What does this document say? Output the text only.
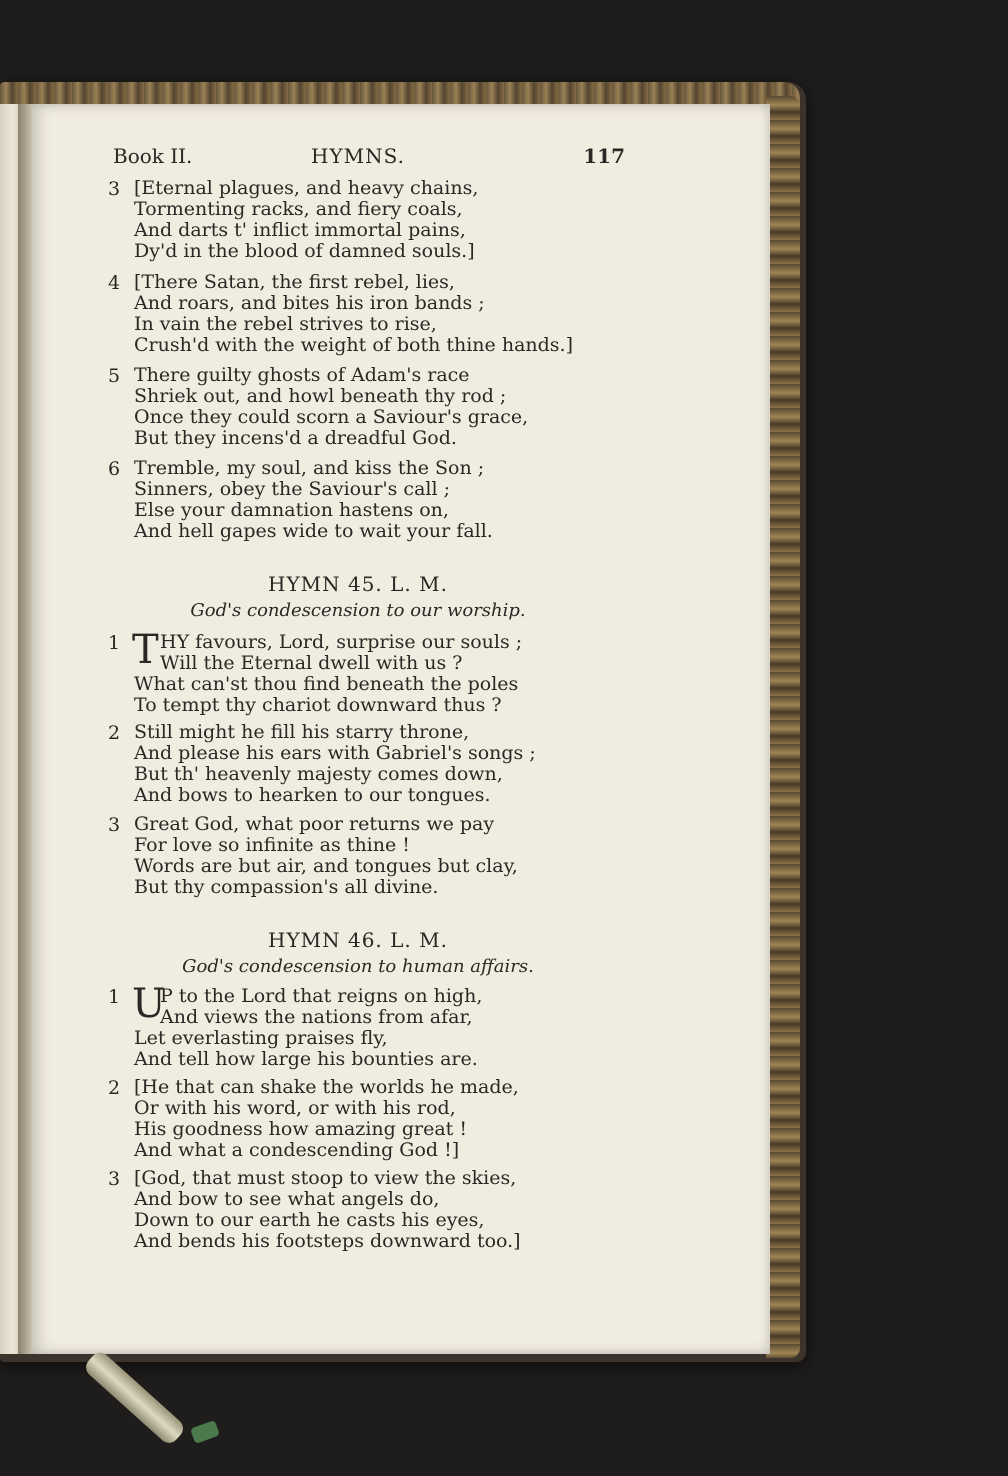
Book II.	HYMNS.	117
3 [Eternal plagues, and heavy chains,
Tormenting racks, and fiery coals,
And darts t' inflict immortal pains,
Dy'd in the blood of damned souls.]
4 [There Satan, the first rebel, lies,
And roars, and bites his iron bands ;
In vain the rebel strives to rise,
Crush'd with the weight of both thine hands.]
5 There guilty ghosts of Adam's race
Shriek out, and howl beneath thy rod ;
Once they could scorn a Saviour's grace,
But they incens'd a dreadful God.
6 Tremble, my soul, and kiss the Son ;
Sinners, obey the Saviour's call ;
Else your damnation hastens on,
And hell gapes wide to wait your fall.
HYMN 45. L. M.
God's condescension to our worship.
1 T HY favours, Lord, surprise our souls ;
Will the Eternal dwell with us ?
What can'st thou find beneath the poles
To tempt thy chariot downward thus ?
2 Still might he fill his starry throne,
And please his ears with Gabriel's songs ;
But th' heavenly majesty comes down,
And bows to hearken to our tongues.
3 Great God, what poor returns we pay
For love so infinite as thine !
Words are but air, and tongues but clay,
But thy compassion's all divine.
HYMN 46. L. M.
God's condescension to human affairs.
1 U
P to the Lord that reigns on high,
And views the nations from afar,
Let everlasting praises fly,
And tell how large his bounties are.
2 [He that can shake the worlds he made,
Or with his word, or with his rod,
His goodness how amazing great !
And what a condescending God !]
3 [God, that must stoop to view the skies,
And bow to see what angels do,
Down to our earth he casts his eyes,
And bends his footsteps downward too.]
